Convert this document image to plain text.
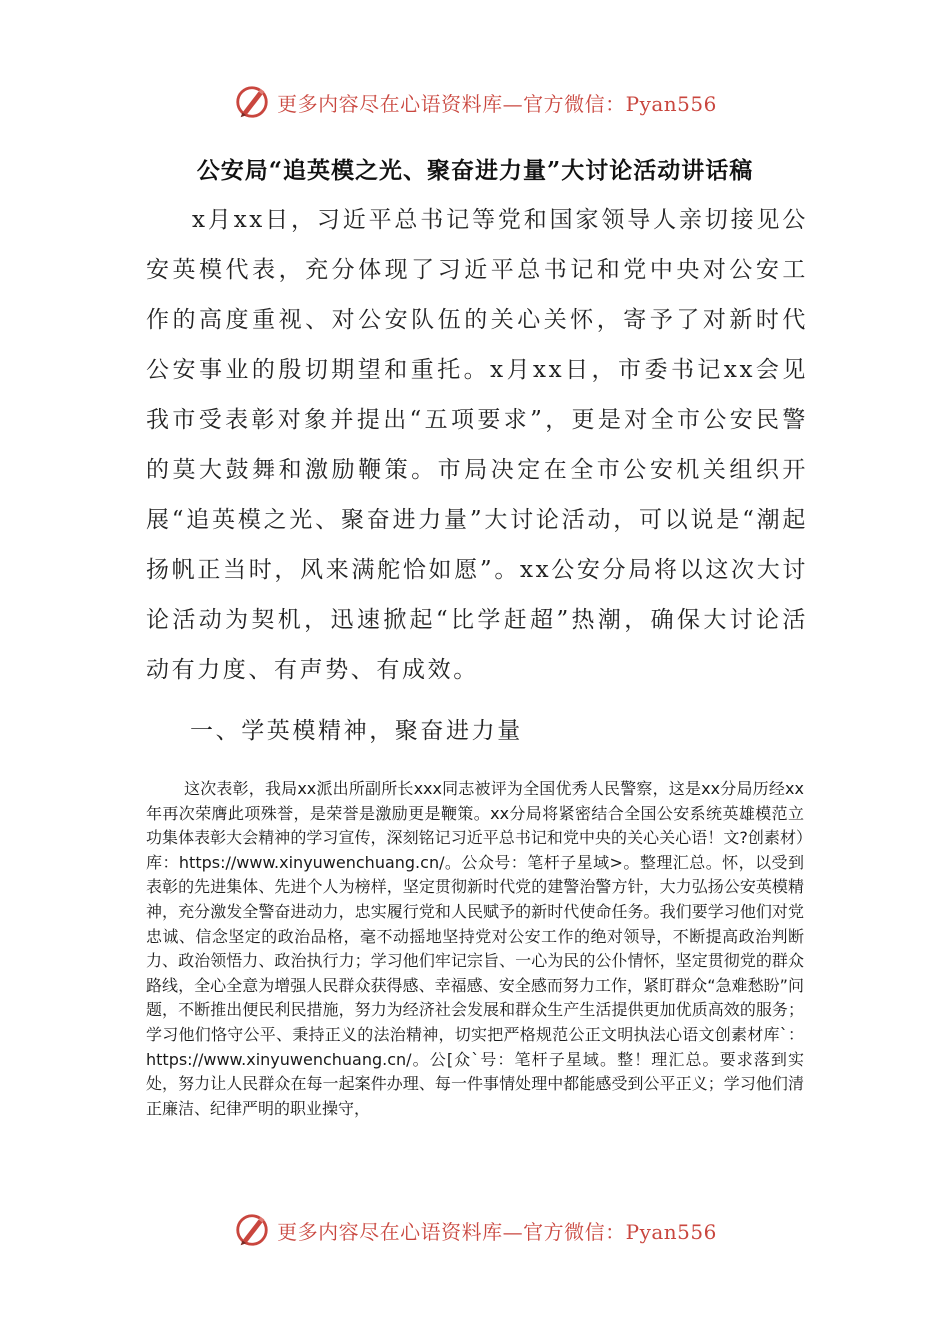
更多内容尽在心语资料库—官方微信：Pyan556
公安局“追英模之光、聚奋进力量”大讨论活动讲话稿

x月xx日，习近平总书记等党和国家领导人亲切接见公安英模代表，充分体现了习近平总书记和党中央对公安工作的高度重视、对公安队伍的关心关怀，寄予了对新时代公安事业的殷切期望和重托。x月xx日，市委书记xx会见我市受表彰对象并提出“五项要求”，更是对全市公安民警的莫大鼓舞和激励鞭策。市局决定在全市公安机关组织开展“追英模之光、聚奋进力量”大讨论活动，可以说是“潮起扬帆正当时，风来满舵恰如愿”。xx公安分局将以这次大讨论活动为契机，迅速掀起“比学赶超”热潮，确保大讨论活动有力度、有声势、有成效。

一、学英模精神，聚奋进力量

这次表彰，我局xx派出所副所长xxx同志被评为全国优秀人民警察，这是xx分局历经xx年再次荣膺此项殊誉，是荣誉是激励更是鞭策。xx分局将紧密结合全国公安系统英雄模范立功集体表彰大会精神的学习宣传，深刻铭记习近平总书记和党中央的关心关心语！文?创素材）库：https://www.xinyuwenchuang.cn/。公众号：笔杆子星域>。整理汇总。怀，以受到表彰的先进集体、先进个人为榜样，坚定贯彻新时代党的建警治警方针，大力弘扬公安英模精神，充分激发全警奋进动力，忠实履行党和人民赋予的新时代使命任务。我们要学习他们对党忠诚、信念坚定的政治品格，毫不动摇地坚持党对公安工作的绝对领导，不断提高政治判断力、政治领悟力、政治执行力；学习他们牢记宗旨、一心为民的公仆情怀，坚定贯彻党的群众路线，全心全意为增强人民群众获得感、幸福感、安全感而努力工作，紧盯群众“急难愁盼”问题，不断推出便民利民措施，努力为经济社会发展和群众生产生活提供更加优质高效的服务；学习他们恪守公平、秉持正义的法治精神，切实把严格规范公正文明执法心语文创素材库`：https://www.xinyuwenchuang.cn/。公[众`号：笔杆子星域。整！理汇总。要求落到实处，努力让人民群众在每一起案件办理、每一件事情处理中都能感受到公平正义；学习他们清正廉洁、纪律严明的职业操守，

更多内容尽在心语资料库—官方微信：Pyan556
